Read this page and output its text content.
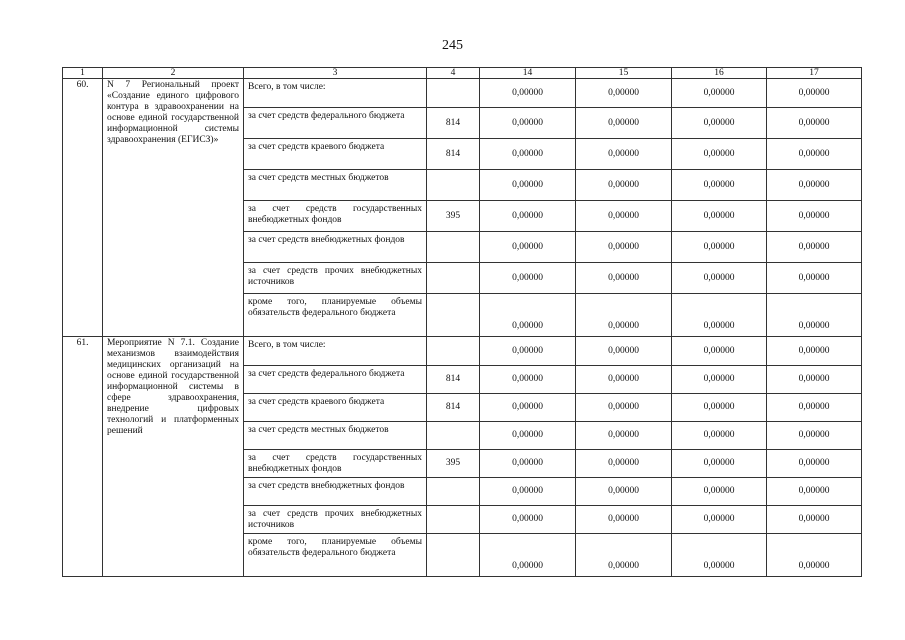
245
1	2	3	4	14	15	16	17
60.	N 7 Региональный проект «Создание единого цифрового контура в здравоохранении на основе единой государственной информационной системы здравоохранения (ЕГИСЗ)»	Всего, в том числе:		0,00000	0,00000	0,00000	0,00000
		за счет средств федерального бюджета	814	0,00000	0,00000	0,00000	0,00000
		за счет средств краевого бюджета	814	0,00000	0,00000	0,00000	0,00000
		за счет средств местных бюджетов		0,00000	0,00000	0,00000	0,00000
		за счет средств государственных внебюджетных фондов	395	0,00000	0,00000	0,00000	0,00000
		за счет средств внебюджетных фондов		0,00000	0,00000	0,00000	0,00000
		за счет средств прочих внебюджетных источников		0,00000	0,00000	0,00000	0,00000
		кроме того, планируемые объемы обязательств федерального бюджета		0,00000	0,00000	0,00000	0,00000
61.	Мероприятие N 7.1. Создание механизмов взаимодействия медицинских организаций на основе единой государственной информационной системы в сфере здравоохранения, внедрение цифровых технологий и платформенных решений	Всего, в том числе:		0,00000	0,00000	0,00000	0,00000
		за счет средств федерального бюджета	814	0,00000	0,00000	0,00000	0,00000
		за счет средств краевого бюджета	814	0,00000	0,00000	0,00000	0,00000
		за счет средств местных бюджетов		0,00000	0,00000	0,00000	0,00000
		за счет средств государственных внебюджетных фондов	395	0,00000	0,00000	0,00000	0,00000
		за счет средств внебюджетных фондов		0,00000	0,00000	0,00000	0,00000
		за счет средств прочих внебюджетных источников		0,00000	0,00000	0,00000	0,00000
		кроме того, планируемые объемы обязательств федерального бюджета		0,00000	0,00000	0,00000	0,00000
